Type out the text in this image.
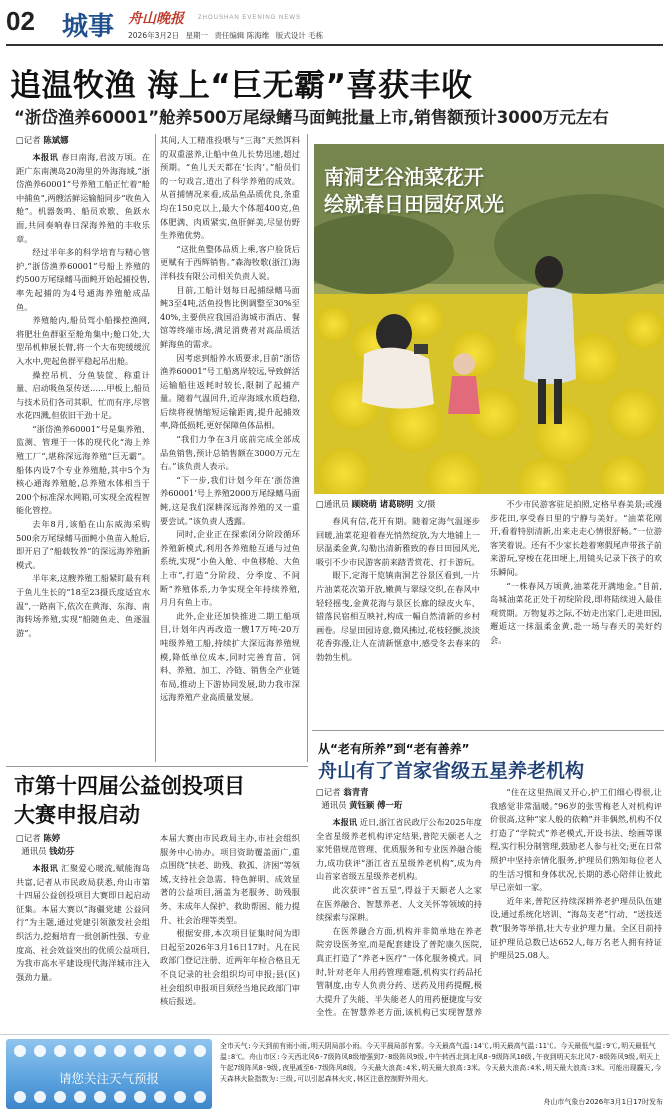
02 城事 舟山晚报 ZHOUSHAN EVENING NEWS
2026年3月2日 星期一 责任编辑 陈海维 版式设计 毛栋
追温牧渔 海上“巨无霸”喜获丰收
“浙岱渔养60001”舱养500万尾绿鳍马面鲀批量上市,销售额预计3000万元左右
□记者 陈斌娜

本报讯 春日南海,君波万顷。在距广东南澳岛20海里的外海海域,“浙岱渔养60001”号养殖工船正忙着“舱中捕鱼”,两艘活鲜运输船同步“收鱼入舱”。机器轰鸣、船员欢歌、鱼跃水面,共同奏响春日深海养殖的丰收乐章。

经过半年多的科学培育与精心管护,“浙岱渔养60001”号船上养殖的约500万尾绿鳍马面鲀开始起捕投售,率先起捕的为4号通海养殖舱成品鱼。

养殖舱内,船员驾小船操控渔网,将肥壮鱼群驱至舱角集中;舱口处,大型吊机伸展长臂,将一个大布兜缓缓沉入水中,兜起鱼群平稳起吊出舱。

操控吊机、分鱼装筐、称重计量、启动吸鱼泵传送……甲板上,船员与技术员们各司其职、忙而有序,尽管水花四溅,但依旧干劲十足。

“浙岱渔养60001”号是集养殖、监测、管理于一体的现代化“海上养殖工厂”,堪称深远海养殖“巨无霸”。船体内设7个专业养殖舱,其中5个为核心通海养殖舱,总养殖水体相当于200个标准深水网箱,可实现全流程智能化管控。

去年8月,该船在山东威海采购500余万尾绿鳍马面鲀小鱼苗入舱后,即开启了“船载牧养”的深远海养殖新模式。

半年来,这艘养殖工船紧盯最有利于鱼儿生长的“18至23摄氏度适宜水温”,一路南下,依次在黄海、东海、南海转场养殖,实现“船随鱼走、鱼逐温游”。

其间,人工精准投喂与“三海”天然饵料的双重滋养,让船中鱼儿长势迅速,超过预期。“鱼儿天天都在‘长肉’。”船员们的一句戏言,道出了科学养殖的成效。从首捕情况来看,成品鱼品质优良,条重均在150克以上,最大个体超400克,鱼体肥满、肉质紧实,鱼肝鲜美,尽显仿野生养殖优势。

“这批鱼整体品质上乘,客户验货后更赋有于西辉销售。”森海牧歌(浙江)海洋科技有限公司相关负责人说。

目前,工船计划每日起捕绿鳍马面鲀3至4吨,活鱼投售比例调整至30%至40%,主要供应我国沿海城市酒店、餐馆等终端市场,满足消费者对高品质活鲜海鱼的需求。

因考虑到船养水质要求,目前“浙岱渔养60001”号工船离岸较远,导致鲜活运输船往返耗时较长,限制了起捕产量。随着气温回升,近岸海域水质趋稳,后续将视情缩短运输距离,提升起捕效率,降低损耗,更好保障鱼体品相。

“我们力争在3月底前完成全部成品鱼销售,预计总销售额在3000万元左右。”该负责人表示。

“下一步,我们计划今年在‘浙岱渔养60001’号上养殖2000万尾绿鳍马面鲀,这是我们深耕深远海养殖的又一重要尝试。”该负责人透露。

同时,企业正在探索闭分阶段循环养殖新模式,利用各养殖舱互通与过鱼系统,实现“小鱼入舱、中鱼移舱、大鱼上市”,打造“分阶段、分季度、不间断”养殖体系,力争实现全年持续养殖,月月有鱼上市。

此外,企业还加快推进二期工船项目,计划年内再改造一艘17万吨-20万吨级养殖工船,持续扩大深远海养殖规模,降低单位成本,同时完善育苗、饲料、养殖、加工、冷链、销售全产业链布局,推动上下游协同发展,助力我市深远海养殖产业高质量发展。

南洞艺谷油菜花开
绘就春日田园好风光
□通讯员 顾晓萌 诸葛晓明 文/摄

春风有信,花开有期。随着定海气温逐步回暖,油菜花迎着春光悄然绽放,为大地铺上一层温柔金黄,勾勒出清新雅致的春日田园风光,吸引不少市民游客前来踏青赏花、打卡游玩。

眼下,定海干览镇南洞艺谷景区看到,一片片油菜花次第开放,嫩黄与翠绿交织,在春风中轻轻摇曳,金黄花海与景区长廊的绿皮火车、错落民宿相互映衬,构成一幅自然清新的乡村画卷。尽显田园诗意,微风拂过,花枝轻颤,淡淡花香弥漫,让人在清新惬意中,感受冬去春来的勃勃生机。

不少市民游客驻足拍照,定格早春美景;或漫步花田,享受春日里的宁静与美好。“油菜花刚开,看着特别清新,出来走走心情很舒畅。”一位游客笑着说。还有不少家长趁着寒假尾声带孩子前来游玩,穿梭在花田埂上,用镜头记录下孩子的欢乐瞬间。

“一株春风万顷黄,油菜花开满地金。”目前,岛城油菜花正处于初绽阶段,即将陆续进入最佳观赏期。万物复苏之际,不妨走出家门,走进田园,邂逅这一抹温柔金黄,赴一场与春天的美好约会。

从“老有所养”到“老有善养”
舟山有了首家省级五星养老机构
□记者 翁青青
通讯员 黄钰颖 傅一珩

本报讯 近日,浙江省民政厅公布2025年度全省星级养老机构评定结果,普陀天颐老人之家凭借规范管理、优质服务和专业医养融合能力,成功获评“浙江省五星级养老机构”,成为舟山首家省级五星级养老机构。

此次获评“省五星”,得益于天颐老人之家在医养融合、智慧养老、人文关怀等领域的持续探索与深耕。

在医养融合方面,机构并非简单地在养老院旁设医务室,而是配套建设了普陀康久医院,真正打造了“养老+医疗”一体化服务模式。同时,针对老年人用药管理难题,机构实行药品托管制度,由专人负责分药、送药及用药提醒,极大提升了失能、半失能老人的用药便捷度与安全性。在智慧养老方面,该机构已实现智慧养

“住在这里热闹又开心,护工们细心得很,让我感觉非常温暖。”96岁的张雪梅老人对机构评价很高,这种“家人般的依赖”并非偶然,机构不仅打造了“学院式”养老模式,开设书法、绘画等课程,实行积分制管理,鼓励老人参与社交;更在日常照护中坚持亲情化服务,护理员们熟知每位老人的生活习惯和身体状况,长期的悉心陪伴让彼此早已亲如一家。

近年来,普陀区持续深耕养老护理员队伍建设,通过系统化培训、“海岛支老”行动、“送技送教”服务等举措,壮大专业护理力量。全区目前持证护理员总数已达652人,每万名老人拥有持证护理员25.08人。

市第十四届公益创投项目
大赛申报启动
□记者 陈婷
通讯员 钱幼芬

本报讯 汇聚爱心暖流,赋能海岛共富,记者从市民政局获悉,舟山市第十四届公益创投项目大赛即日起启动征集。本届大赛以“海疆党建 公益同行”为主题,通过党建引领激发社会组织活力,挖掘培育一批创新性强、专业度高、社会效益突出的优质公益项目,为我市高水平建设现代海洋城市注入强劲力量。

本届大赛由市民政局主办,市社会组织服务中心协办。项目资助覆盖面广,重点围绕“扶老、助残、救孤、济困”等领域,支持社会急需、特色鲜明、成效显著的公益项目,涵盖为老服务、助残服务、未成年人保护、救助帮困、能力提升、社会治理等类型。

根据安排,本次项目征集时间为即日起至2026年3月16日17时。凡在民政部门登记注册、近两年年检合格且无不良记录的社会组织均可申报;县(区)社会组织申报项目须经当地民政部门审核后报送。

请您关注天气预报
全市天气:今天到前有雨小雨,明天阴局部小雨。今天平晨局部有雾。今天最高气温:14℃,明天最高气温:11℃。今天最低气温:9℃,明天最低气温:8℃。舟山市区:今天西北风6-7级阵风8级增强到7-8级阵风9级,中午转西北到北风8-9级阵风10级,午夜到明天东北风7-8级阵风9级,明天上午起7级阵风8-9级,夜里减至6-7级阵风8级。今天最大浪高:4米,明天最大浪高:3米。今天最大浪高:4米,明天最大浪高:3米。可能出现霾天,今天森林火险指数为:三级,可以引起森林火灾,林区注意控制野外用火。
舟山市气象台2026年3月1日17时发布
